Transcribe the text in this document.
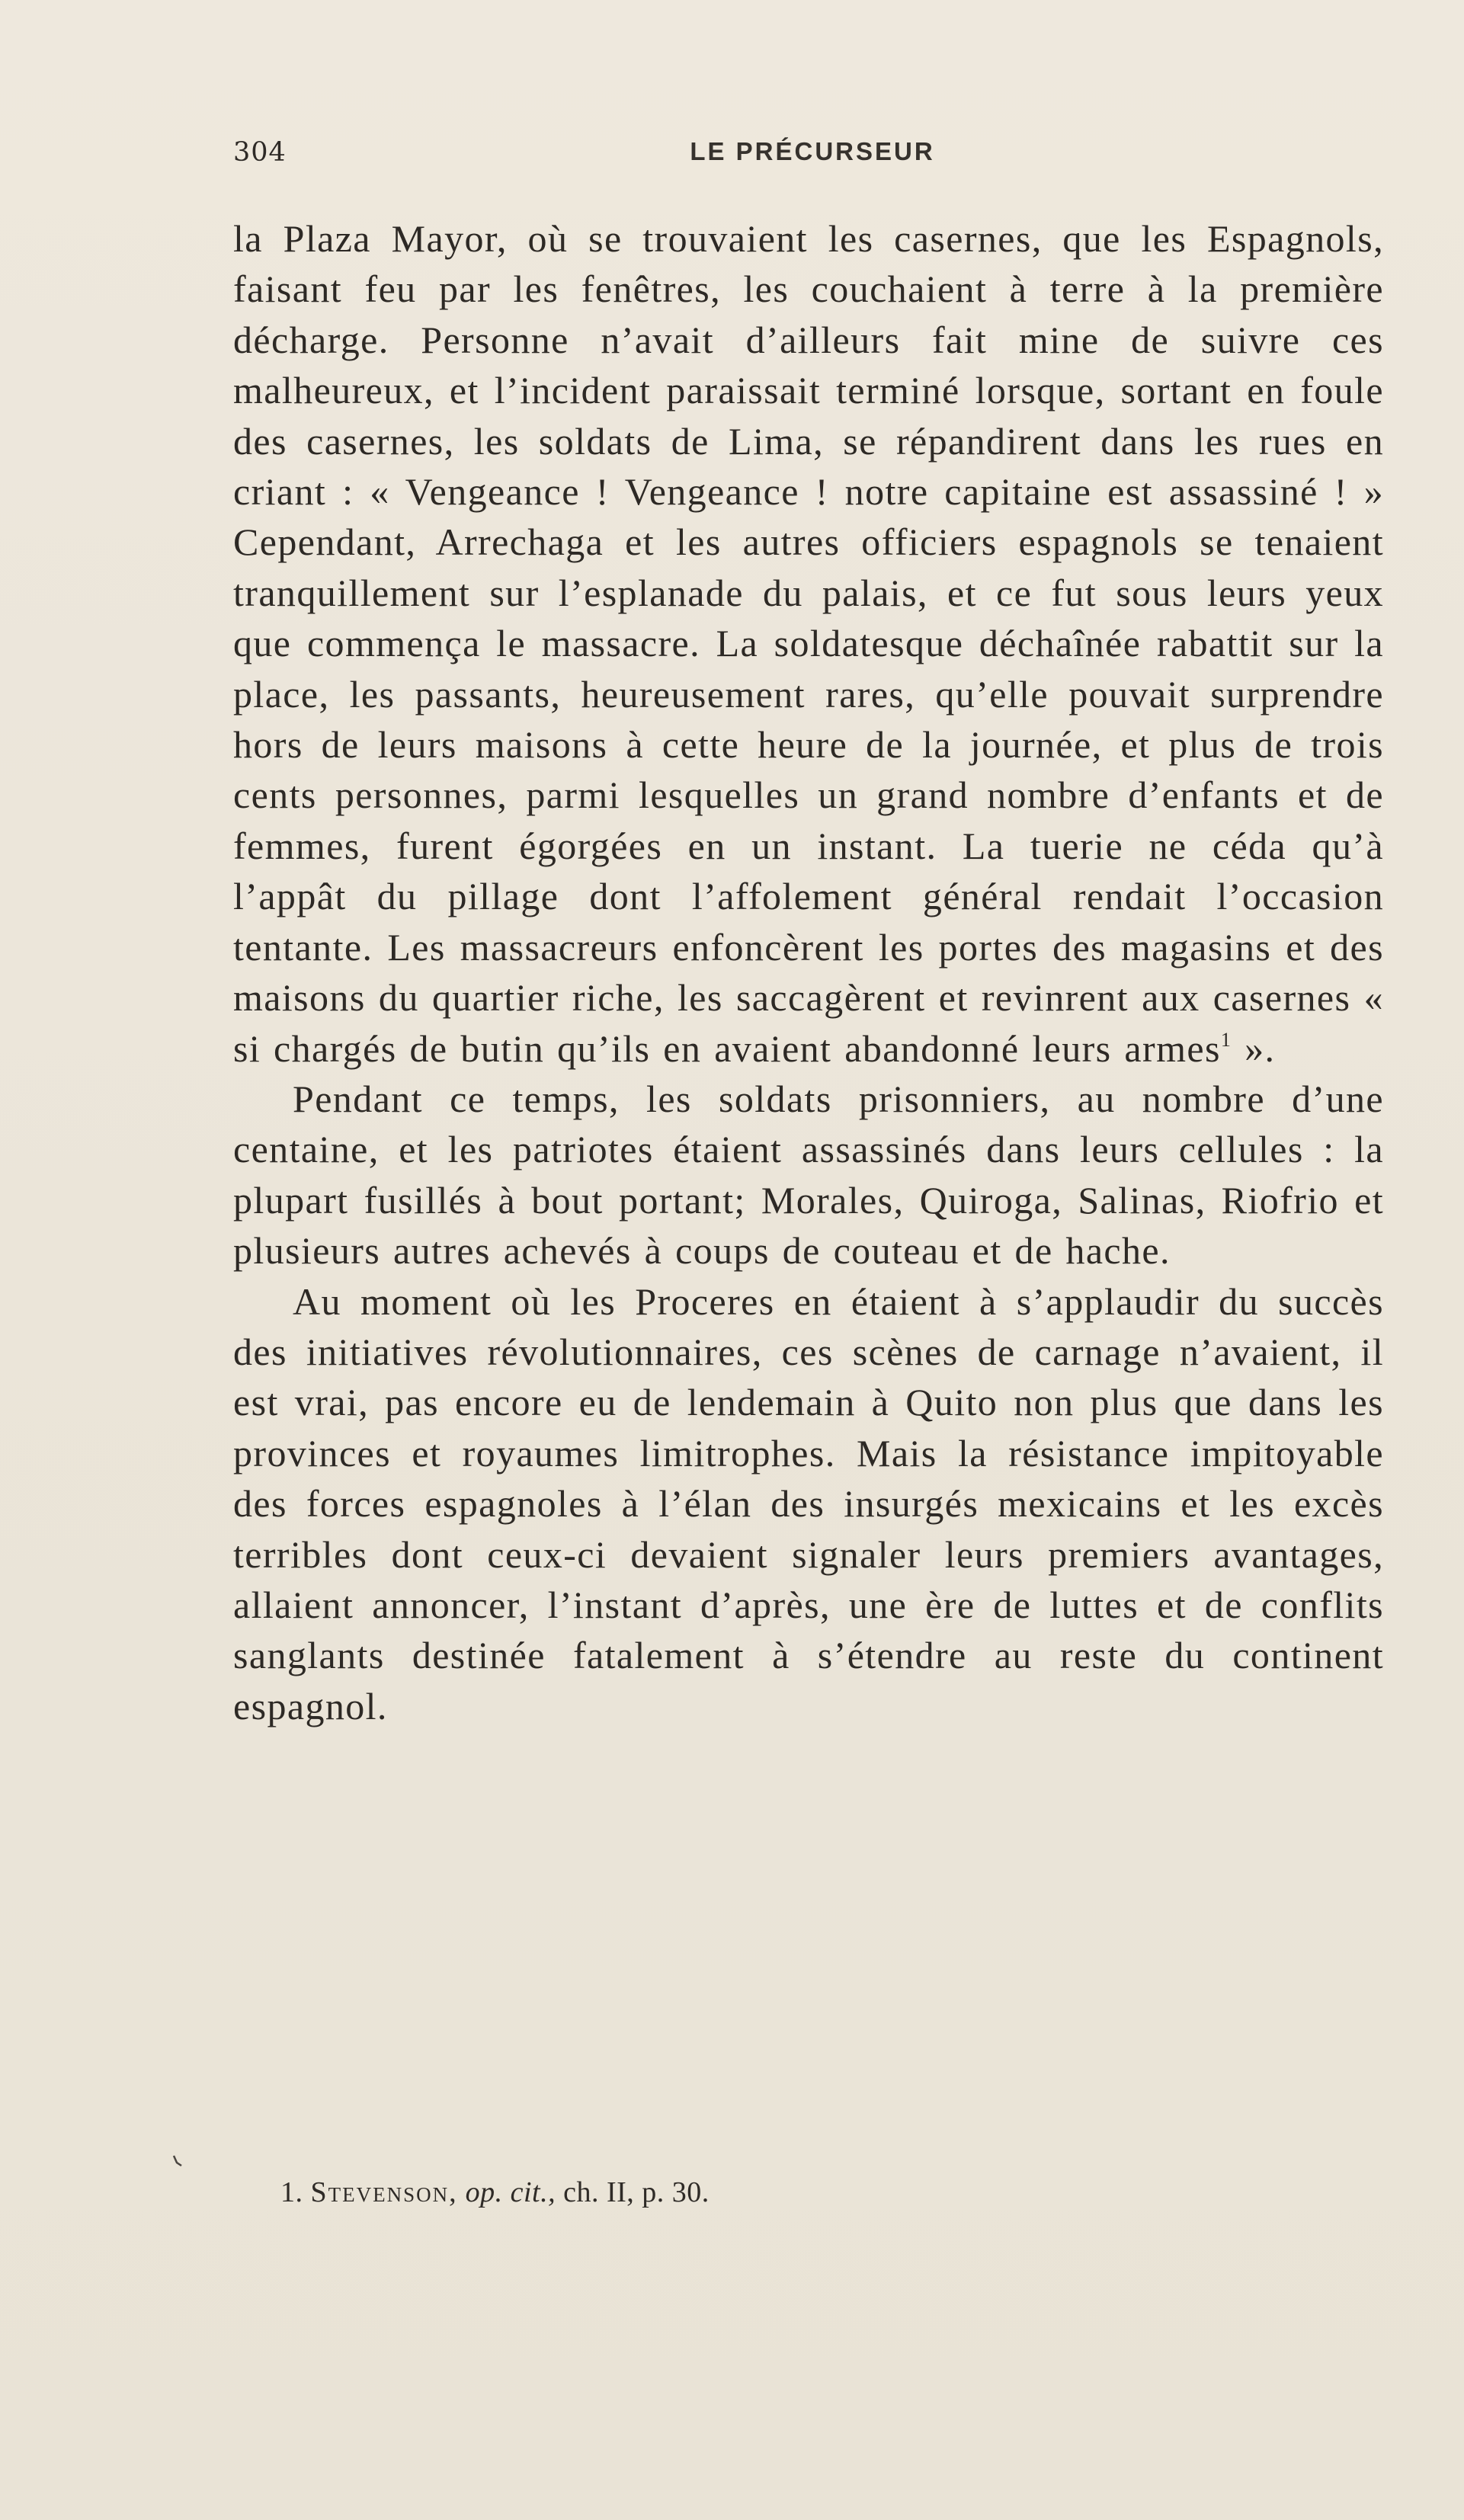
304	LE PRÉCURSEUR

la Plaza Mayor, où se trouvaient les casernes, que les Espagnols, faisant feu par les fenêtres, les couchaient à terre à la première décharge. Personne n’avait d’ailleurs fait mine de suivre ces malheureux, et l’incident paraissait terminé lorsque, sortant en foule des casernes, les soldats de Lima, se répandirent dans les rues en criant : « Vengeance ! Vengeance ! notre capitaine est assassiné ! » Cependant, Arrechaga et les autres officiers espagnols se tenaient tranquillement sur l’esplanade du palais, et ce fut sous leurs yeux que commença le massacre. La soldatesque déchaînée rabattit sur la place, les passants, heureusement rares, qu’elle pouvait surprendre hors de leurs maisons à cette heure de la journée, et plus de trois cents personnes, parmi lesquelles un grand nombre d’enfants et de femmes, furent égorgées en un instant. La tuerie ne céda qu’à l’appât du pillage dont l’affolement général rendait l’occasion tentante. Les massacreurs enfoncèrent les portes des magasins et des maisons du quartier riche, les saccagèrent et revinrent aux casernes « si chargés de butin qu’ils en avaient abandonné leurs armes$^1$ ».

Pendant ce temps, les soldats prisonniers, au nombre d’une centaine, et les patriotes étaient assassinés dans leurs cellules : la plupart fusillés à bout portant; Morales, Quiroga, Salinas, Riofrio et plusieurs autres achevés à coups de couteau et de hache.

Au moment où les Proceres en étaient à s’applaudir du succès des initiatives révolutionnaires, ces scènes de carnage n’avaient, il est vrai, pas encore eu de lendemain à Quito non plus que dans les provinces et royaumes limitrophes. Mais la résistance impitoyable des forces espagnoles à l’élan des insurgés mexicains et les excès terribles dont ceux-ci devaient signaler leurs premiers avantages, allaient annoncer, l’instant d’après, une ère de luttes et de conflits sanglants destinée fatalement à s’étendre au reste du continent espagnol.

1. Stevenson, op. cit., ch. II, p. 30.
